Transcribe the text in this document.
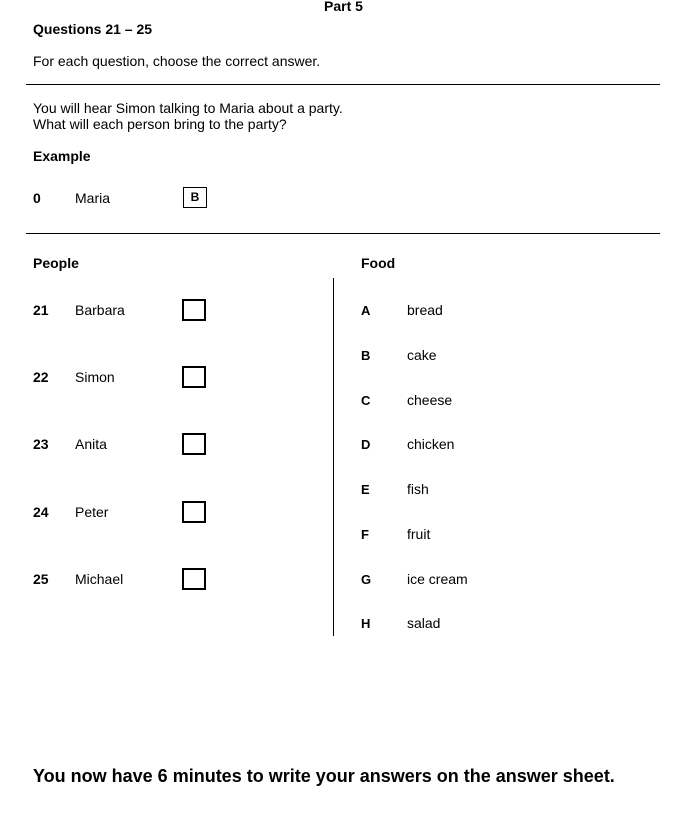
Part 5
Questions 21 – 25
For each question, choose the correct answer.
You will hear Simon talking to Maria about a party.
What will each person bring to the party?
Example
0 Maria	B
People
21 Barbara
22 Simon
23 Anita
24 Peter
25 Michael
Food
A	bread
B	cake
C	cheese
D	chicken
E	fish
F	fruit
G	ice cream
H	salad
You now have 6 minutes to write your answers on the answer sheet.
